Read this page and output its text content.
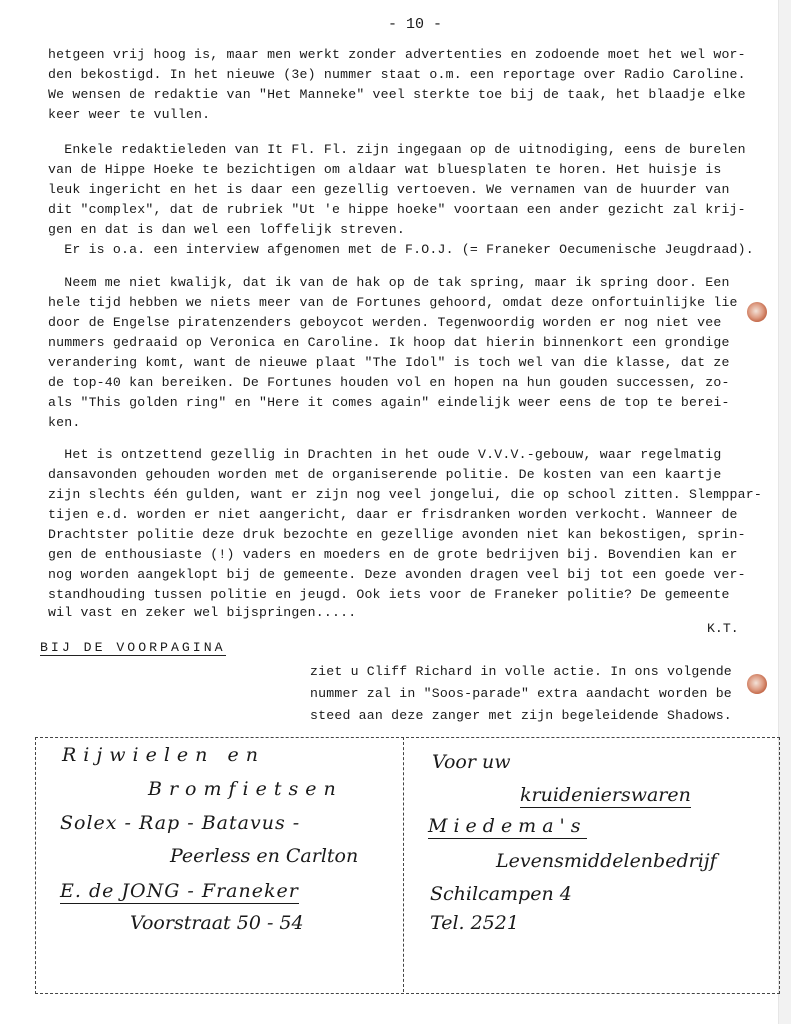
- 10 -
hetgeen vrij hoog is, maar men werkt zonder advertenties en zodoende moet het wel wor-
den bekostigd. In het nieuwe (3e) nummer staat o.m. een reportage over Radio Caroline.
We wensen de redaktie van "Het Manneke" veel sterkte toe bij de taak, het blaadje elke
keer weer te vullen.
Enkele redaktieleden van It Fl. Fl. zijn ingegaan op de uitnodiging, eens de burelen
van de Hippe Hoeke te bezichtigen om aldaar wat bluesplaten te horen. Het huisje is
leuk ingericht en het is daar een gezellig vertoeven. We vernamen van de huurder van
dit "complex", dat de rubriek "Ut 'e hippe hoeke" voortaan een ander gezicht zal krij-
gen en dat is dan wel een loffelijk streven.
Er is o.a. een interview afgenomen met de F.O.J. (= Franeker Oecumenische Jeugdraad).
Neem me niet kwalijk, dat ik van de hak op de tak spring, maar ik spring door. Een
hele tijd hebben we niets meer van de Fortunes gehoord, omdat deze onfortuinlijke lie
door de Engelse piratenzenders geboycot werden. Tegenwoordig worden er nog niet vee
nummers gedraaid op Veronica en Caroline. Ik hoop dat hierin binnenkort een grondige
verandering komt, want de nieuwe plaat "The Idol" is toch wel van die klasse, dat ze
de top-40 kan bereiken. De Fortunes houden vol en hopen na hun gouden successen, zo-
als "This golden ring" en "Here it comes again" eindelijk weer eens de top te berei-
ken.
Het is ontzettend gezellig in Drachten in het oude V.V.V.-gebouw, waar regelmatig
dansavonden gehouden worden met de organiserende politie. De kosten van een kaartje
zijn slechts één gulden, want er zijn nog veel jongelui, die op school zitten. Slemppar-
tijen e.d. worden er niet aangericht, daar er frisdranken worden verkocht. Wanneer de
Drachtster politie deze druk bezochte en gezellige avonden niet kan bekostigen, sprin-
gen de enthousiaste (!) vaders en moeders en de grote bedrijven bij. Bovendien kan er
nog worden aangeklopt bij de gemeente. Deze avonden dragen veel bij tot een goede ver-
standhouding tussen politie en jeugd. Ook iets voor de Franeker politie? De gemeente
wil vast en zeker wel bijspringen.....
K.T.
BIJ DE VOORPAGINA
ziet u Cliff Richard in volle actie. In ons volgende
nummer zal in "Soos-parade" extra aandacht worden be
steed aan deze zanger met zijn begeleidende Shadows.
Rijwielen en
Bromfietsen
Solex - Rap - Batavus -
Peerless en Carlton
E. de JONG - Franeker
Voorstraat 50 - 54
Voor uw
kruidenierswaren
Miedema's
Levensmiddelenbedrijf
Schilcampen 4
Tel. 2521
